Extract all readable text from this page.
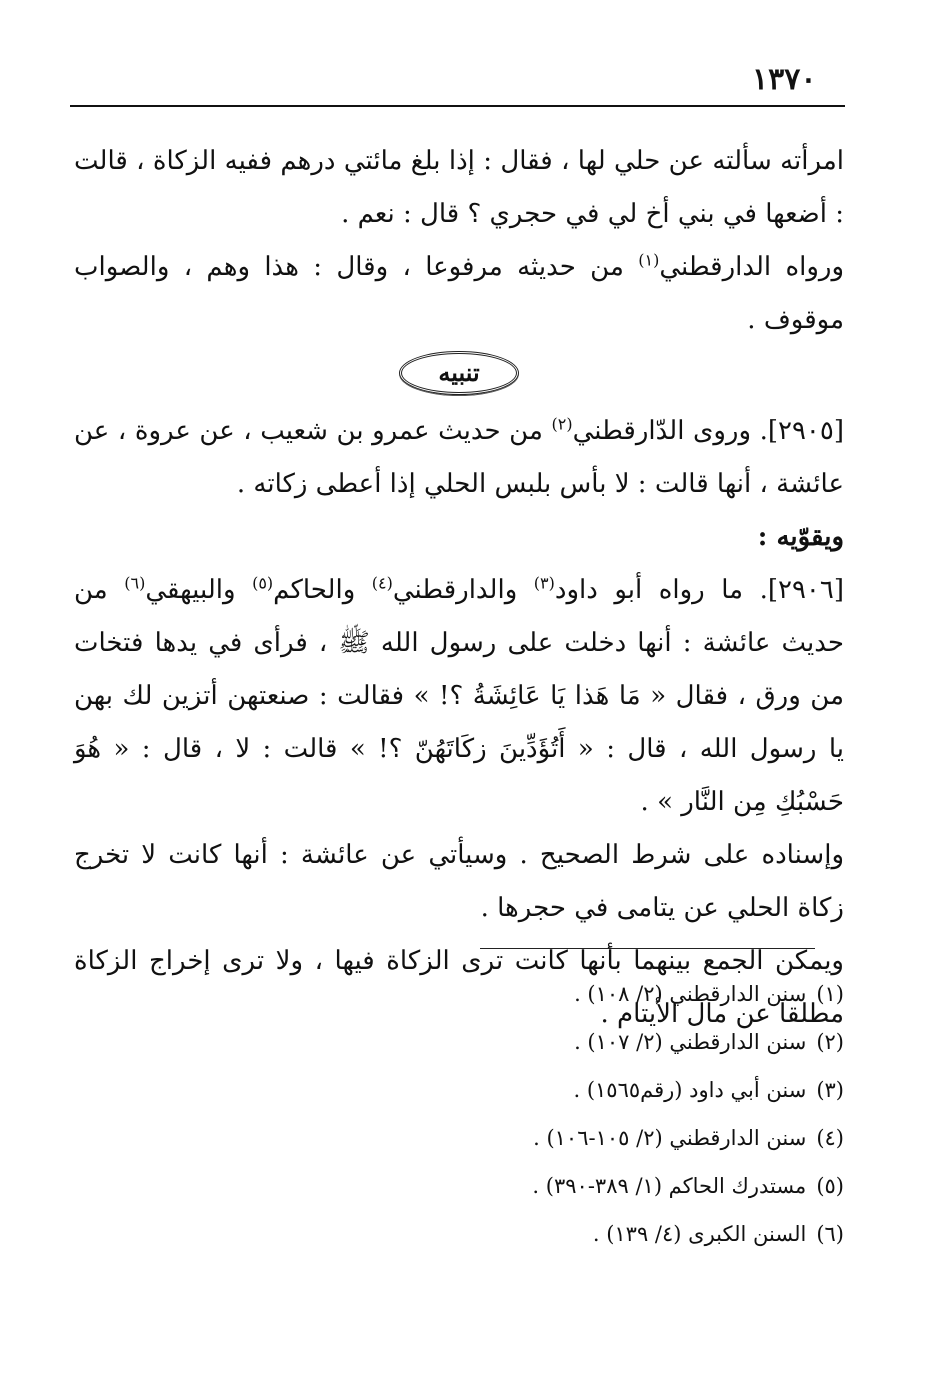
١٣٧٠

امرأته سألته عن حلي لها ، فقال : إذا بلغ مائتي درهم ففيه الزكاة ، قالت : أضعها في بني أخ لي في حجري ؟ قال : نعم .

ورواه الدارقطني$^{(١)}$ من حديثه مرفوعا ، وقال : هذا وهم ، والصواب موقوف .

تنبيه

[٢٩٠٥]. وروى الدّارقطني$^{(٢)}$ من حديث عمرو بن شعيب ، عن عروة ، عن عائشة ، أنها قالت : لا بأس بلبس الحلي إذا أعطى زكاته .

ويقوّيه :

[٢٩٠٦]. ما رواه أبو داود$^{(٣)}$ والدارقطني$^{(٤)}$ والحاكم$^{(٥)}$ والبيهقي$^{(٦)}$ من حديث عائشة : أنها دخلت على رسول الله ﷺ ، فرأى في يدها فتخات من ورق ، فقال « مَا هَذا يَا عَائِشَةُ ؟! » فقالت : صنعتهن أتزين لك بهن يا رسول الله ، قال : « أَتُؤَدِّينَ زكَاتَهُنّ ؟! » قالت : لا ، قال : « هُوَ حَسْبُكِ مِن النَّار » .

وإسناده على شرط الصحيح . وسيأتي عن عائشة : أنها كانت لا تخرج زكاة الحلي عن يتامى في حجرها .

ويمكن الجمع بينهما بأنها كانت ترى الزكاة فيها ، ولا ترى إخراج الزكاة مطلقا عن مال الأيتام .

(١)سنن الدارقطني (٢/ ١٠٨) .
(٢)سنن الدارقطني (٢/ ١٠٧) .
(٣)سنن أبي داود (رقم١٥٦٥) .
(٤)سنن الدارقطني (٢/ ١٠٥-١٠٦) .
(٥)مستدرك الحاكم (١/ ٣٨٩-٣٩٠) .
(٦)السنن الكبرى (٤/ ١٣٩) .
